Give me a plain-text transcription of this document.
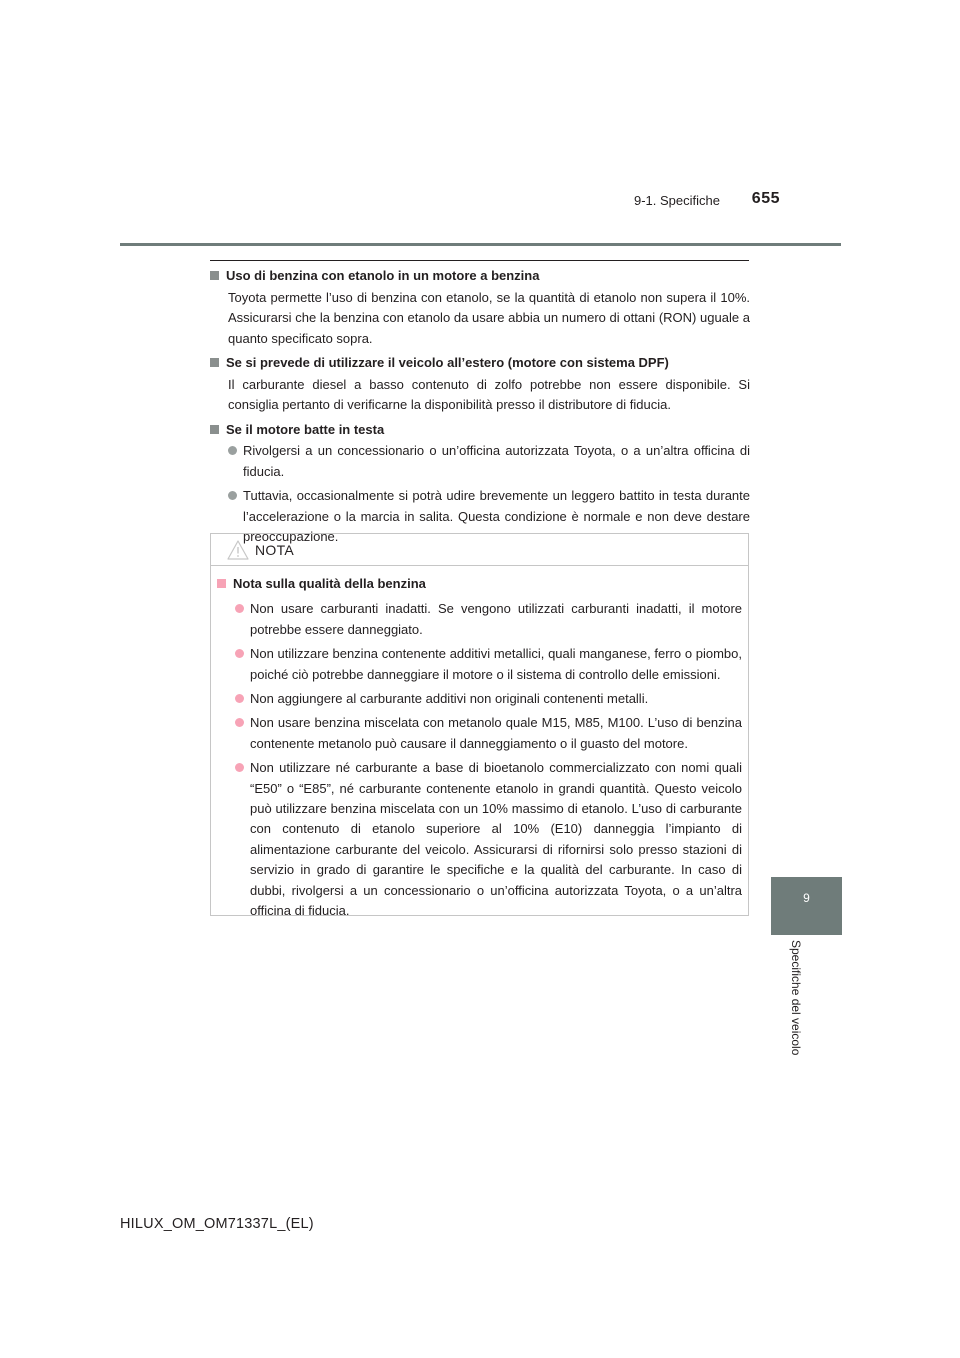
9-1. Specifiche	655
9
Specifiche del veicolo
Uso di benzina con etanolo in un motore a benzina
Toyota permette l’uso di benzina con etanolo, se la quantità di etanolo non supera il 10%. Assicurarsi che la benzina con etanolo da usare abbia un numero di ottani (RON) uguale a quanto specificato sopra.
Se si prevede di utilizzare il veicolo all’estero (motore con sistema DPF)
Il carburante diesel a basso contenuto di zolfo potrebbe non essere disponibile. Si consiglia pertanto di verificarne la disponibilità presso il distributore di fiducia.
Se il motore batte in testa
Rivolgersi a un concessionario o un’officina autorizzata Toyota, o a un’altra officina di fiducia.
Tuttavia, occasionalmente si potrà udire brevemente un leggero battito in testa durante l’accelerazione o la marcia in salita. Questa condizione è normale e non deve destare preoccupazione.
NOTA
Nota sulla qualità della benzina
Non usare carburanti inadatti. Se vengono utilizzati carburanti inadatti, il motore potrebbe essere danneggiato.
Non utilizzare benzina contenente additivi metallici, quali manganese, ferro o piombo, poiché ciò potrebbe danneggiare il motore o il sistema di controllo delle emissioni.
Non aggiungere al carburante additivi non originali contenenti metalli.
Non usare benzina miscelata con metanolo quale M15, M85, M100. L’uso di benzina contenente metanolo può causare il danneggiamento o il guasto del motore.
Non utilizzare né carburante a base di bioetanolo commercializzato con nomi quali “E50” o “E85”, né carburante contenente etanolo in grandi quantità. Questo veicolo può utilizzare benzina miscelata con un 10% massimo di etanolo. L’uso di carburante con contenuto di etanolo superiore al 10% (E10) danneggia l’impianto di alimentazione carburante del veicolo. Assicurarsi di rifornirsi solo presso stazioni di servizio in grado di garantire le specifiche e la qualità del carburante. In caso di dubbi, rivolgersi a un concessionario o un’officina autorizzata Toyota, o a un’altra officina di fiducia.
HILUX_OM_OM71337L_(EL)
